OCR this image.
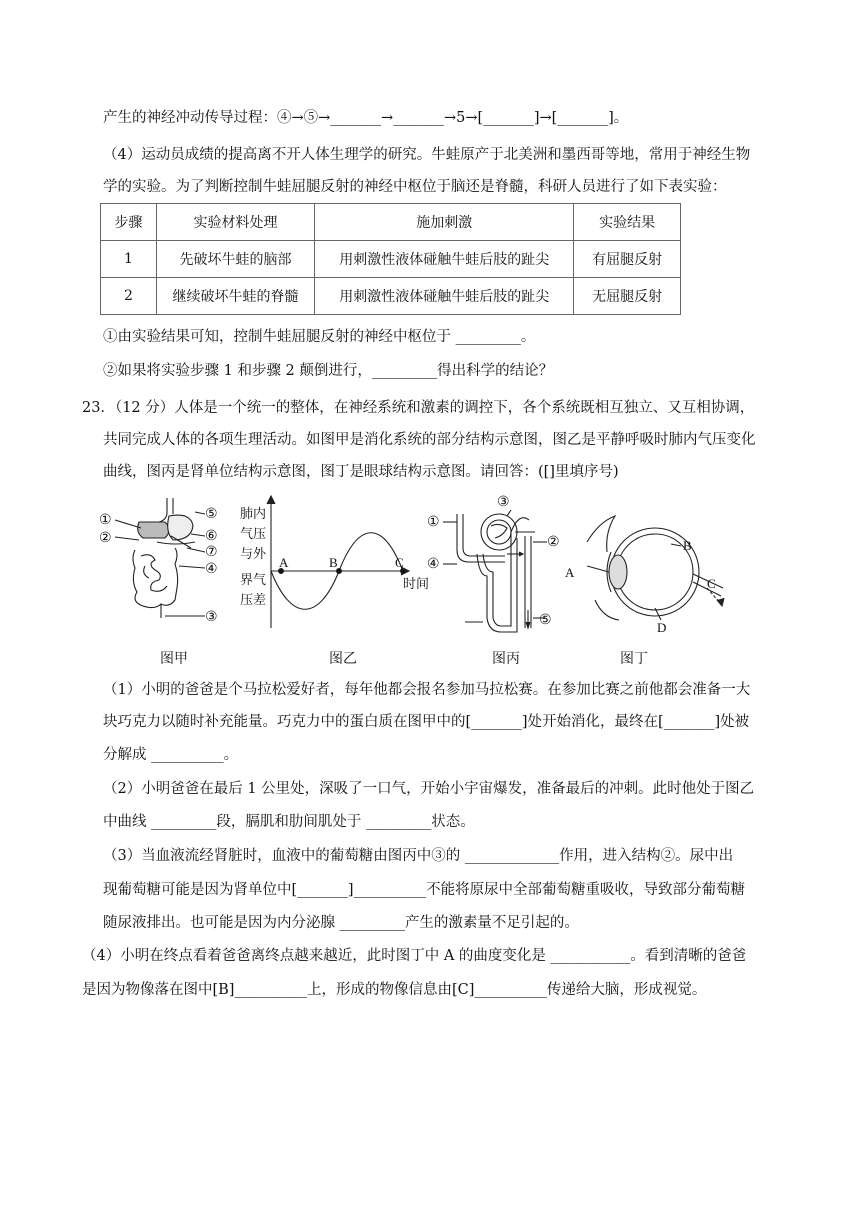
产生的神经冲动传导过程：④→⑤→_______→_______→5→[_______]→[_______]。
（4）运动员成绩的提高离不开人体生理学的研究。牛蛙原产于北美洲和墨西哥等地，常用于神经生物
学的实验。为了判断控制牛蛙屈腿反射的神经中枢位于脑还是脊髓，科研人员进行了如下表实验：
步骤	实验材料处理	施加刺激	实验结果
1	先破坏牛蛙的脑部	用刺激性液体碰触牛蛙后肢的趾尖	有屈腿反射
2	继续破坏牛蛙的脊髓	用刺激性液体碰触牛蛙后肢的趾尖	无屈腿反射
①由实验结果可知，控制牛蛙屈腿反射的神经中枢位于 _________。
②如果将实验步骤 1 和步骤 2 颠倒进行，_________得出科学的结论？
23．（12 分）人体是一个统一的整体，在神经系统和激素的调控下，各个系统既相互独立、又互相协调，
共同完成人体的各项生理活动。如图甲是消化系统的部分结构示意图，图乙是平静呼吸时肺内气压变化
曲线，图丙是肾单位结构示意图，图丁是眼球结构示意图。请回答：([]里填序号)
①
②
③
④
⑤
⑥
⑦
肺内
气压
与外
界气
压差
A	B	C
时间
①
②
③
④
⑤
A
B
C
D
图甲	图乙	图丙	图丁
（1）小明的爸爸是个马拉松爱好者，每年他都会报名参加马拉松赛。在参加比赛之前他都会准备一大
块巧克力以随时补充能量。巧克力中的蛋白质在图甲中的[_______]处开始消化，最终在[_______]处被
分解成 __________。
（2）小明爸爸在最后 1 公里处，深吸了一口气，开始小宇宙爆发，准备最后的冲刺。此时他处于图乙
中曲线 _________段，膈肌和肋间肌处于 _________状态。
（3）当血液流经肾脏时，血液中的葡萄糖由图丙中③的 _____________作用，进入结构②。尿中出
现葡萄糖可能是因为肾单位中[_______]__________不能将原尿中全部葡萄糖重吸收，导致部分葡萄糖
随尿液排出。也可能是因为内分泌腺 _________产生的激素量不足引起的。
（4）小明在终点看着爸爸离终点越来越近，此时图丁中 A 的曲度变化是 ___________。看到清晰的爸爸
是因为物像落在图中[B]__________上，形成的物像信息由[C]__________传递给大脑，形成视觉。
